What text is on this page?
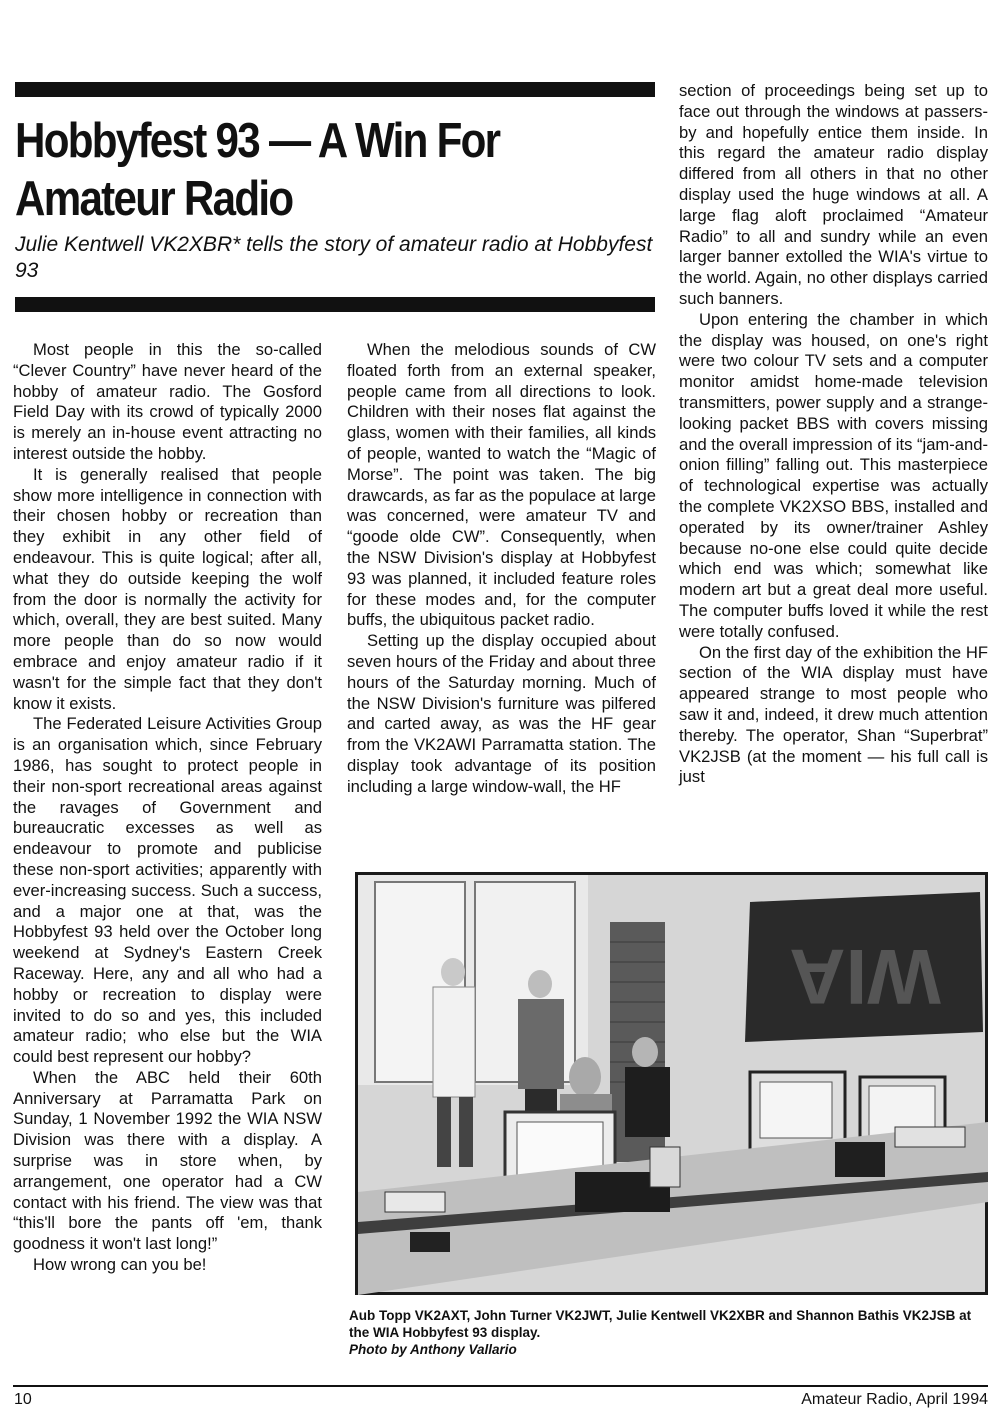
Hobbyfest 93 — A Win For Amateur Radio

Julie Kentwell VK2XBR* tells the story of amateur radio at Hobbyfest 93

Most people in this the so-called “Clever Country” have never heard of the hobby of amateur radio. The Gosford Field Day with its crowd of typically 2000 is merely an in-house event attracting no interest outside the hobby.

It is generally realised that people show more intelligence in connection with their chosen hobby or recreation than they exhibit in any other field of endeavour. This is quite logical; after all, what they do outside keeping the wolf from the door is normally the activity for which, overall, they are best suited. Many more people than do so now would embrace and enjoy amateur radio if it wasn't for the simple fact that they don't know it exists.

The Federated Leisure Activities Group is an organisation which, since February 1986, has sought to protect people in their non-sport recreational areas against the ravages of Government and bureaucratic excesses as well as endeavour to promote and publicise these non-sport activities; apparently with ever-increasing success. Such a success, and a major one at that, was the Hobbyfest 93 held over the October long weekend at Sydney's Eastern Creek Raceway. Here, any and all who had a hobby or recreation to display were invited to do so and yes, this included amateur radio; who else but the WIA could best represent our hobby?

When the ABC held their 60th Anniversary at Parramatta Park on Sunday, 1 November 1992 the WIA NSW Division was there with a display. A surprise was in store when, by arrangement, one operator had a CW contact with his friend. The view was that “this'll bore the pants off 'em, thank goodness it won't last long!”

How wrong can you be!

When the melodious sounds of CW floated forth from an external speaker, people came from all directions to look. Children with their noses flat against the glass, women with their families, all kinds of people, wanted to watch the “Magic of Morse”. The point was taken. The big drawcards, as far as the populace at large was concerned, were amateur TV and “goode olde CW”. Consequently, when the NSW Division's display at Hobbyfest 93 was planned, it included feature roles for these modes and, for the computer buffs, the ubiquitous packet radio.

Setting up the display occupied about seven hours of the Friday and about three hours of the Saturday morning. Much of the NSW Division's furniture was pilfered and carted away, as was the HF gear from the VK2AWI Parramatta station. The display took advantage of its position including a large window-wall, the HF

section of proceedings being set up to face out through the windows at passers-by and hopefully entice them inside. In this regard the amateur radio display differed from all others in that no other display used the huge windows at all. A large flag aloft proclaimed “Amateur Radio” to all and sundry while an even larger banner extolled the WIA's virtue to the world. Again, no other displays carried such banners.

Upon entering the chamber in which the display was housed, on one's right were two colour TV sets and a computer monitor amidst home-made television transmitters, power supply and a strange-looking packet BBS with covers missing and the overall impression of its “jam-and-onion filling” falling out. This masterpiece of technological expertise was actually the complete VK2XSO BBS, installed and operated by its owner/trainer Ashley because no-one else could quite decide which end was which; somewhat like modern art but a great deal more useful. The computer buffs loved it while the rest were totally confused.

On the first day of the exhibition the HF section of the WIA display must have appeared strange to most people who saw it and, indeed, it drew much attention thereby. The operator, Shan “Superbrat” VK2JSB (at the moment — his full call is just

WIA
Aub Topp VK2AXT, John Turner VK2JWT, Julie Kentwell VK2XBR and Shannon Bathis VK2JSB at the WIA Hobbyfest 93 display.
Photo by Anthony Vallario
10	Amateur Radio, April 1994
